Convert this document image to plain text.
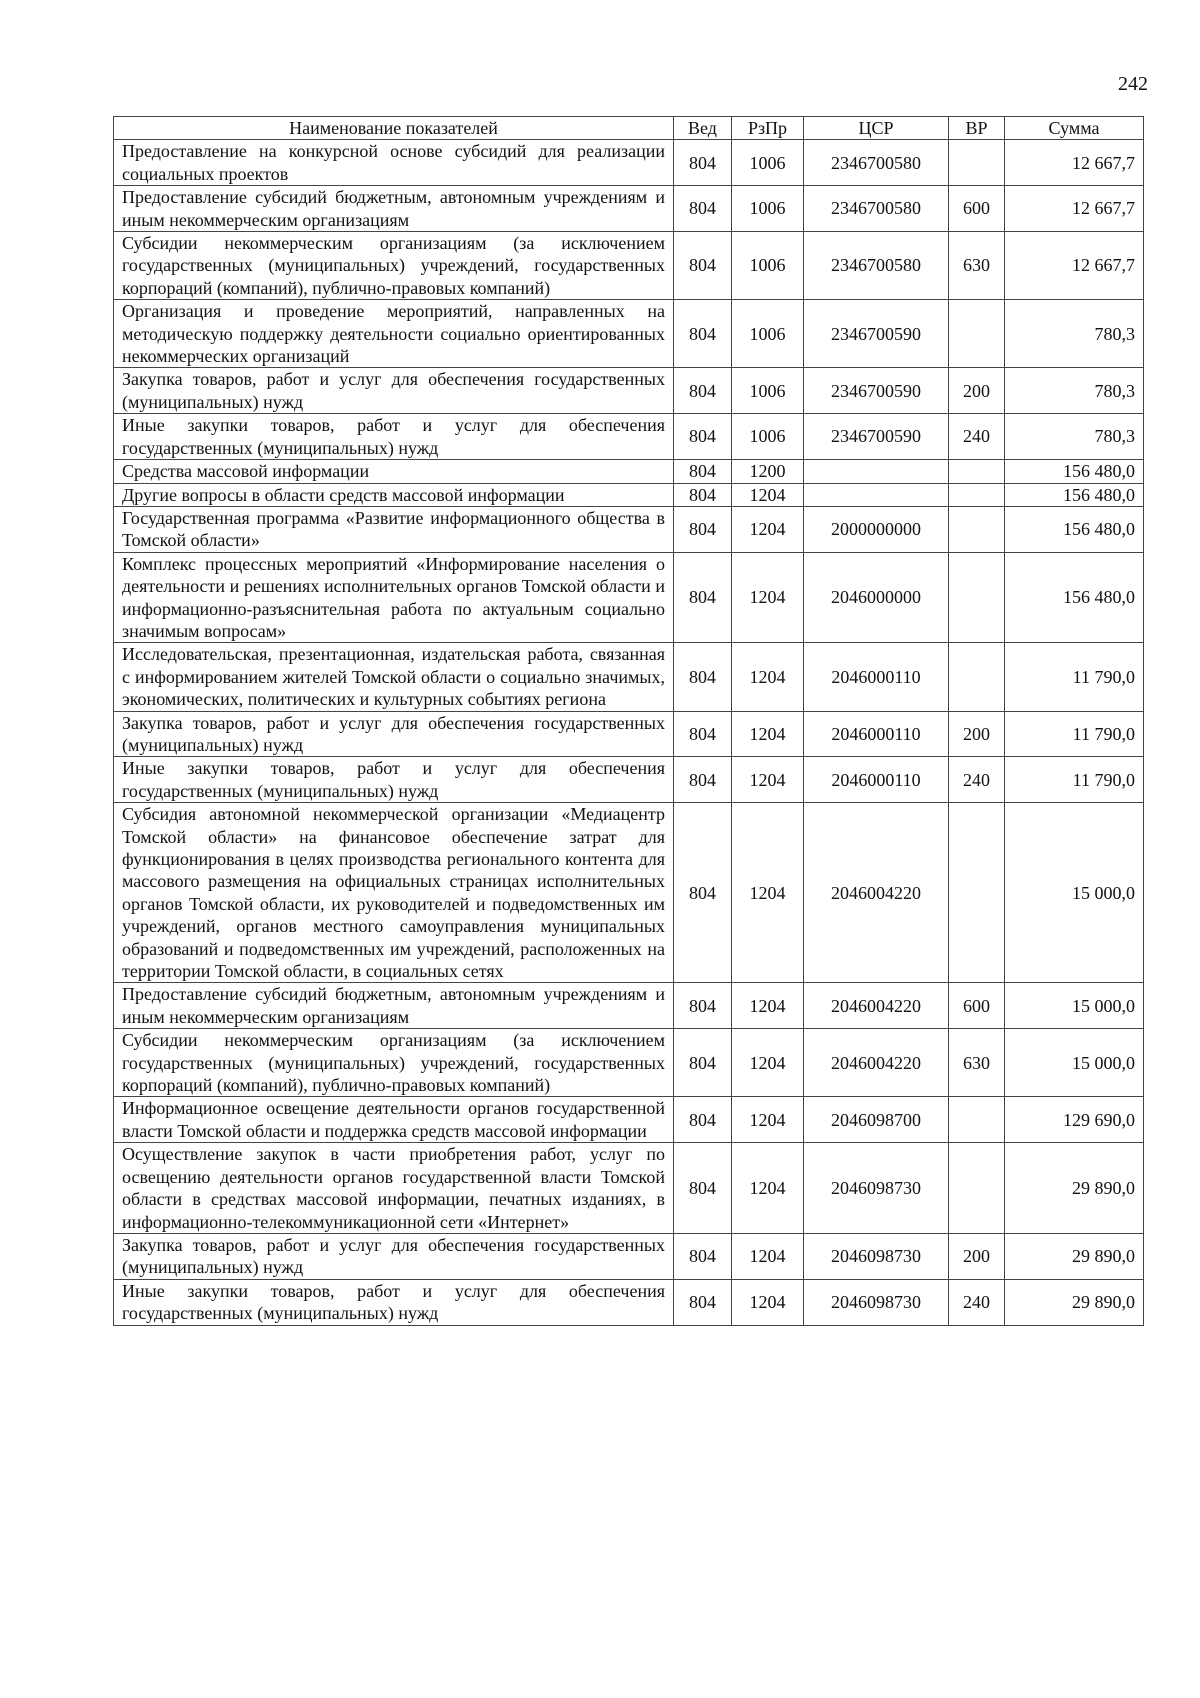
242
Наименование показателей	Вед	РзПр	ЦСР	ВР	Сумма
Предоставление на конкурсной основе субсидий для реализации социальных проектов	804	1006	2346700580		12 667,7
Предоставление субсидий бюджетным, автономным учреждениям и иным некоммерческим организациям	804	1006	2346700580	600	12 667,7
Субсидии некоммерческим организациям (за исключением государственных (муниципальных) учреждений, государственных корпораций (компаний), публично-правовых компаний)	804	1006	2346700580	630	12 667,7
Организация и проведение мероприятий, направленных на методическую поддержку деятельности социально ориентированных некоммерческих организаций	804	1006	2346700590		780,3
Закупка товаров, работ и услуг для обеспечения государственных (муниципальных) нужд	804	1006	2346700590	200	780,3
Иные закупки товаров, работ и услуг для обеспечения государственных (муниципальных) нужд	804	1006	2346700590	240	780,3
Средства массовой информации	804	1200			156 480,0
Другие вопросы в области средств массовой информации	804	1204			156 480,0
Государственная программа «Развитие информационного общества в Томской области»	804	1204	2000000000		156 480,0
Комплекс процессных мероприятий «Информирование населения о деятельности и решениях исполнительных органов Томской области и информационно-разъяснительная работа по актуальным социально значимым вопросам»	804	1204	2046000000		156 480,0
Исследовательская, презентационная, издательская работа, связанная с информированием жителей Томской области о социально значимых, экономических, политических и культурных событиях региона	804	1204	2046000110		11 790,0
Закупка товаров, работ и услуг для обеспечения государственных (муниципальных) нужд	804	1204	2046000110	200	11 790,0
Иные закупки товаров, работ и услуг для обеспечения государственных (муниципальных) нужд	804	1204	2046000110	240	11 790,0
Субсидия автономной некоммерческой организации «Медиацентр Томской области» на финансовое обеспечение затрат для функционирования в целях производства регионального контента для массового размещения на официальных страницах исполнительных органов Томской области, их руководителей и подведомственных им учреждений, органов местного самоуправления муниципальных образований и подведомственных им учреждений, расположенных на территории Томской области, в социальных сетях	804	1204	2046004220		15 000,0
Предоставление субсидий бюджетным, автономным учреждениям и иным некоммерческим организациям	804	1204	2046004220	600	15 000,0
Субсидии некоммерческим организациям (за исключением государственных (муниципальных) учреждений, государственных корпораций (компаний), публично-правовых компаний)	804	1204	2046004220	630	15 000,0
Информационное освещение деятельности органов государственной власти Томской области и поддержка средств массовой информации	804	1204	2046098700		129 690,0
Осуществление закупок в части приобретения работ, услуг по освещению деятельности органов государственной власти Томской области в средствах массовой информации, печатных изданиях, в информационно-телекоммуникационной сети «Интернет»	804	1204	2046098730		29 890,0
Закупка товаров, работ и услуг для обеспечения государственных (муниципальных) нужд	804	1204	2046098730	200	29 890,0
Иные закупки товаров, работ и услуг для обеспечения государственных (муниципальных) нужд	804	1204	2046098730	240	29 890,0
